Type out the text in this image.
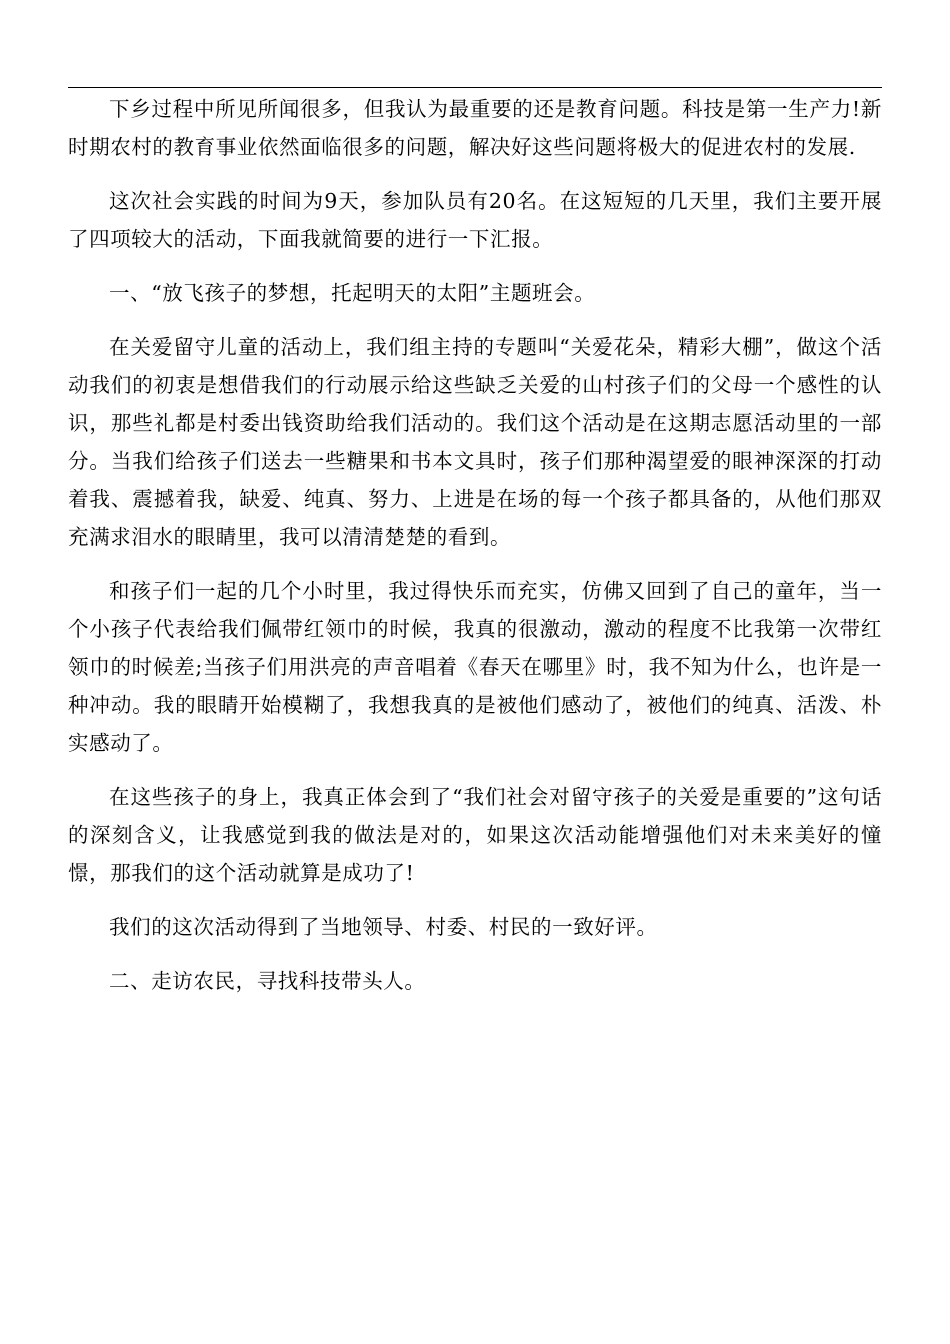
下乡过程中所见所闻很多，但我认为最重要的还是教育问题。科技是第一生产力!新时期农村的教育事业依然面临很多的问题，解决好这些问题将极大的促进农村的发展.

这次社会实践的时间为9天，参加队员有20名。在这短短的几天里，我们主要开展了四项较大的活动，下面我就简要的进行一下汇报。

一、“放飞孩子的梦想，托起明天的太阳”主题班会。

在关爱留守儿童的活动上，我们组主持的专题叫“关爱花朵，精彩大棚”，做这个活动我们的初衷是想借我们的行动展示给这些缺乏关爱的山村孩子们的父母一个感性的认识，那些礼都是村委出钱资助给我们活动的。我们这个活动是在这期志愿活动里的一部分。当我们给孩子们送去一些糖果和书本文具时，孩子们那种渴望爱的眼神深深的打动着我、震撼着我，缺爱、纯真、努力、上进是在场的每一个孩子都具备的，从他们那双充满求泪水的眼睛里，我可以清清楚楚的看到。

和孩子们一起的几个小时里，我过得快乐而充实，仿佛又回到了自己的童年，当一个小孩子代表给我们佩带红领巾的时候，我真的很激动，激动的程度不比我第一次带红领巾的时候差;当孩子们用洪亮的声音唱着《春天在哪里》时，我不知为什么，也许是一种冲动。我的眼睛开始模糊了，我想我真的是被他们感动了，被他们的纯真、活泼、朴实感动了。

在这些孩子的身上，我真正体会到了“我们社会对留守孩子的关爱是重要的”这句话的深刻含义，让我感觉到我的做法是对的，如果这次活动能增强他们对未来美好的憧憬，那我们的这个活动就算是成功了!

我们的这次活动得到了当地领导、村委、村民的一致好评。

二、走访农民，寻找科技带头人。
